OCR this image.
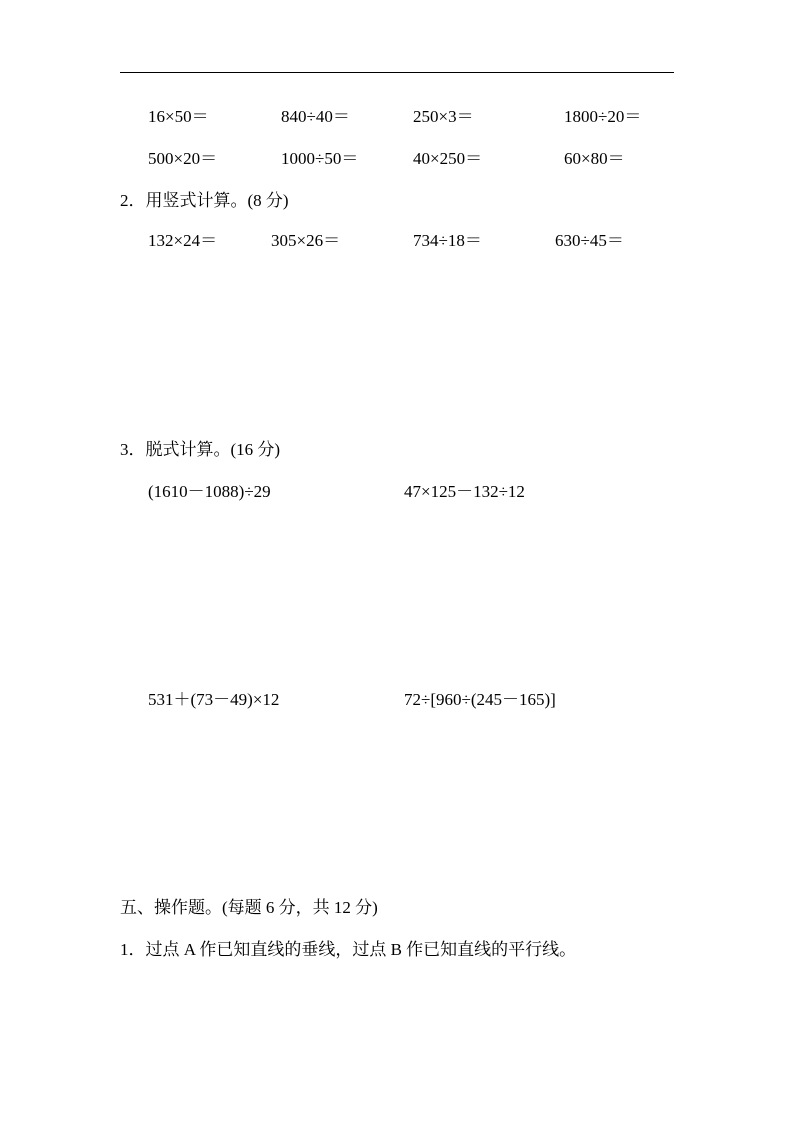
16×50＝	840÷40＝	250×3＝	1800÷20＝
500×20＝	1000÷50＝	40×250＝	60×80＝
2．用竖式计算。(8 分)
132×24＝	305×26＝	734÷18＝	630÷45＝
3．脱式计算。(16 分)
(1610－1088)÷29	47×125－132÷12
531＋(73－49)×12	72÷[960÷(245－165)]
五、操作题。(每题 6 分，共 12 分)
1．过点 A 作已知直线的垂线，过点 B 作已知直线的平行线。
